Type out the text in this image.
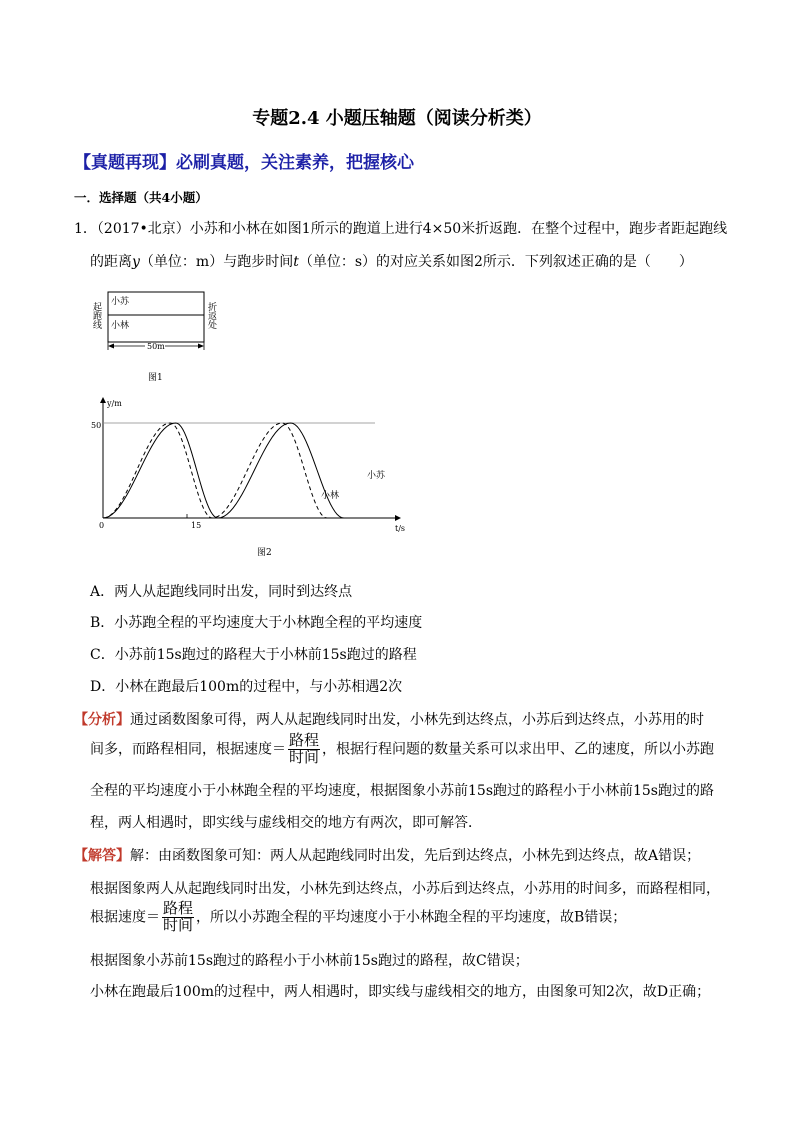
专题2.4 小题压轴题（阅读分析类）
【真题再现】必刷真题，关注素养，把握核心
一．选择题（共4小题）
1．（2017•北京）小苏和小林在如图1所示的跑道上进行4×50米折返跑．在整个过程中，跑步者距起跑线
的距离y（单位：m）与跑步时间t（单位：s）的对应关系如图2所示．下列叙述正确的是（　　）
小苏
小林
起跑线	折返处
50m
图1
y/m
t/s
50
15
0
小苏
小林
图2
A．两人从起跑线同时出发，同时到达终点
B．小苏跑全程的平均速度大于小林跑全程的平均速度
C．小苏前15s跑过的路程大于小林前15s跑过的路程
D．小林在跑最后100m的过程中，与小苏相遇2次
【分析】通过函数图象可得，两人从起跑线同时出发，小林先到达终点，小苏后到达终点，小苏用的时
间多，而路程相同，根据速度＝ $\frac{\text{路程}}{\text{时间}}$ ，根据行程问题的数量关系可以求出甲、乙的速度，所以小苏跑
全程的平均速度小于小林跑全程的平均速度，根据图象小苏前15s跑过的路程小于小林前15s跑过的路
程，两人相遇时，即实线与虚线相交的地方有两次，即可解答．
【解答】解：由函数图象可知：两人从起跑线同时出发，先后到达终点，小林先到达终点，故A错误；
根据图象两人从起跑线同时出发，小林先到达终点，小苏后到达终点，小苏用的时间多，而路程相同，
根据速度＝ $\frac{\text{路程}}{\text{时间}}$ ，所以小苏跑全程的平均速度小于小林跑全程的平均速度，故B错误；
根据图象小苏前15s跑过的路程小于小林前15s跑过的路程，故C错误；
小林在跑最后100m的过程中，两人相遇时，即实线与虚线相交的地方，由图象可知2次，故D正确；
